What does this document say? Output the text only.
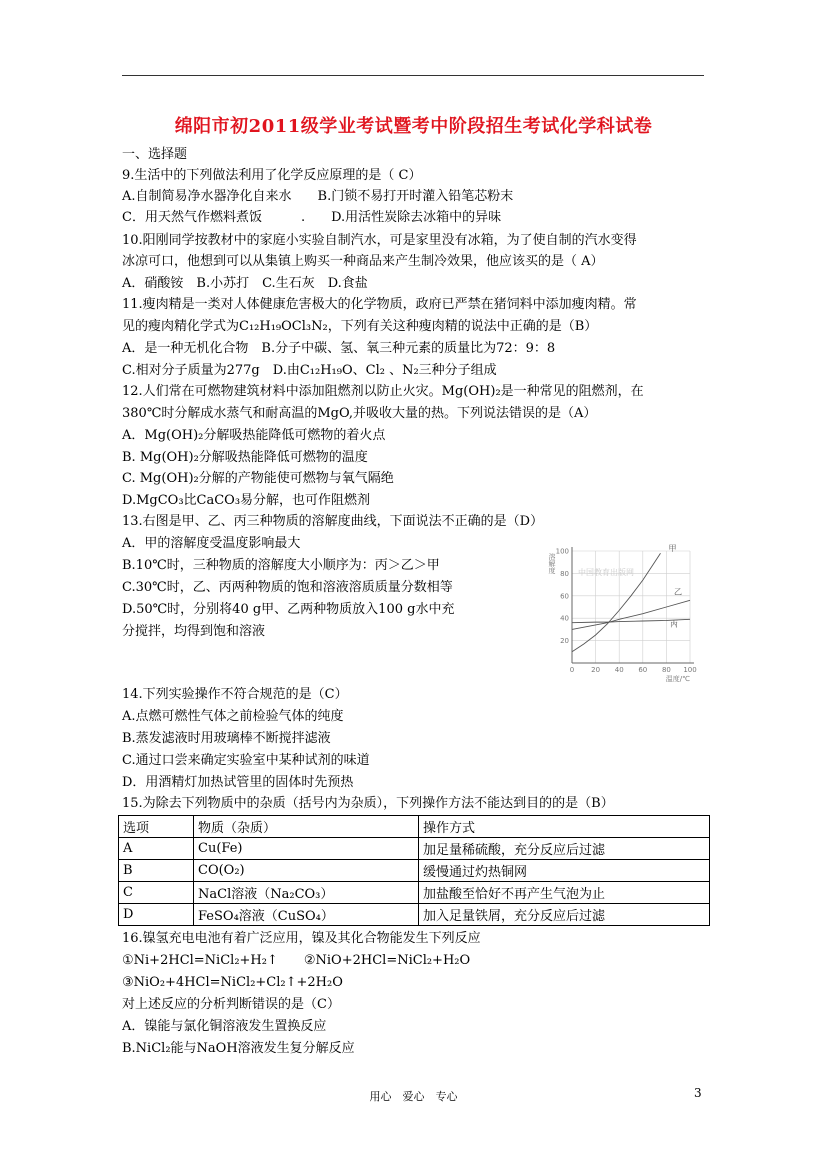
绵阳市初2011级学业考试暨考中阶段招生考试化学科试卷
一、选择题
9.生活中的下列做法利用了化学反应原理的是（ C）
A.自制简易净水器净化自来水　　B.门锁不易打开时灌入铅笔芯粉末
C．用天然气作燃料煮饭　　　.　　D.用活性炭除去冰箱中的异味
10.阳刚同学按教材中的家庭小实验自制汽水，可是家里没有冰箱，为了使自制的汽水变得
冰凉可口，他想到可以从集镇上购买一种商品来产生制冷效果，他应该买的是（ A）
A．硝酸铵　B.小苏打　C.生石灰　D.食盐
11.瘦肉精是一类对人体健康危害极大的化学物质，政府已严禁在猪饲料中添加瘦肉精。常
见的瘦肉精化学式为C₁₂H₁₉OCl₃N₂，下列有关这种瘦肉精的说法中正确的是（B）
A．是一种无机化合物　B.分子中碳、氢、氧三种元素的质量比为72：9：8
C.相对分子质量为277g　D.由C₁₂H₁₉O、Cl₂ 、N₂三种分子组成
12.人们常在可燃物建筑材料中添加阻燃剂以防止火灾。Mg(OH)₂是一种常见的阻燃剂，在
380℃时分解成水蒸气和耐高温的MgO,并吸收大量的热。下列说法错误的是（A）
A．Mg(OH)₂分解吸热能降低可燃物的着火点
B. Mg(OH)₂分解吸热能降低可燃物的温度
C. Mg(OH)₂分解的产物能使可燃物与氧气隔绝
D.MgCO₃比CaCO₃易分解，也可作阻燃剂
13.右图是甲、乙、丙三种物质的溶解度曲线，下面说法不正确的是（D）
A．甲的溶解度受温度影响最大
B.10℃时，三种物质的溶解度大小顺序为：丙＞乙＞甲
C.30℃时，乙、丙两种物质的饱和溶液溶质质量分数相等
D.50℃时，分别将40 g甲、乙两种物质放入100 g水中充
分搅拌，均得到饱和溶液
0 20 40 60 80 100
20
40
60
80
100
溶解度
温度/℃
中国教育出版网
甲
乙
丙
14.下列实验操作不符合规范的是（C）
A.点燃可燃性气体之前检验气体的纯度
B.蒸发滤液时用玻璃棒不断搅拌滤液
C.通过口尝来确定实验室中某种试剂的味道
D．用酒精灯加热试管里的固体时先预热
15.为除去下列物质中的杂质（括号内为杂质），下列操作方法不能达到目的的是（B）
选项	物质（杂质）	操作方式
A	Cu(Fe)	加足量稀硫酸，充分反应后过滤
B	CO(O₂)	缓慢通过灼热铜网
C	NaCl溶液（Na₂CO₃）	加盐酸至恰好不再产生气泡为止
D	FeSO₄溶液（CuSO₄）	加入足量铁屑，充分反应后过滤
16.镍氢充电电池有着广泛应用，镍及其化合物能发生下列反应
①Ni+2HCl=NiCl₂+H₂↑　　②NiO+2HCl=NiCl₂+H₂O
③NiO₂+4HCl=NiCl₂+Cl₂↑+2H₂O
对上述反应的分析判断错误的是（C）
A．镍能与氯化铜溶液发生置换反应
B.NiCl₂能与NaOH溶液发生复分解反应
用心　爱心　专心	3
